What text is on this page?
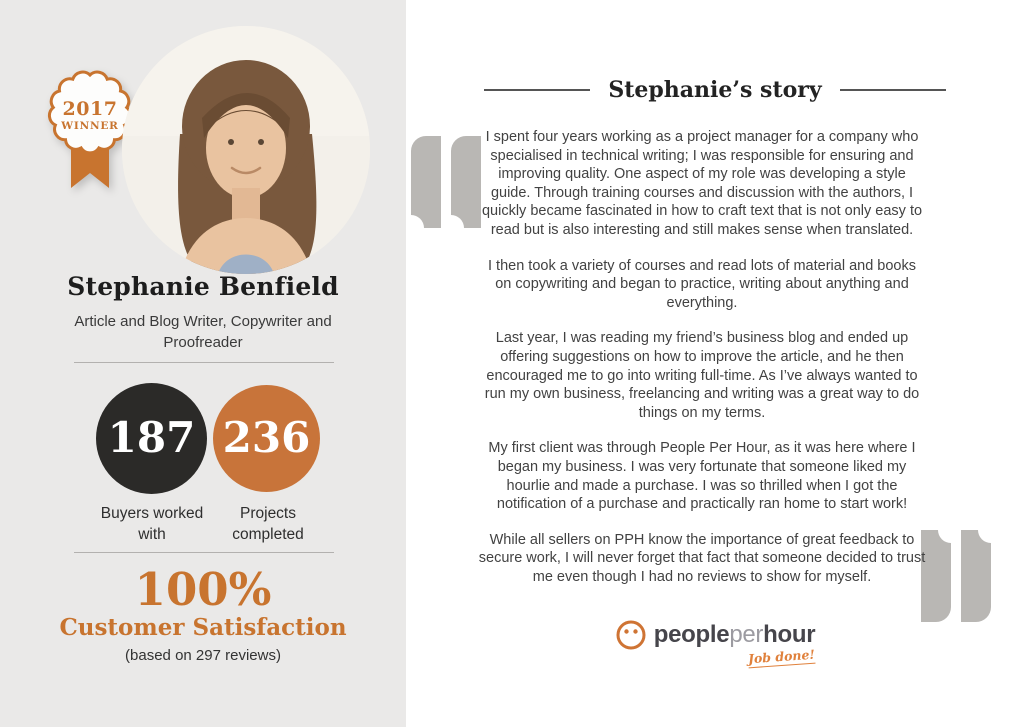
2017
WINNER
Stephanie Benfield
Article and Blog Writer, Copywriter and Proofreader
187 236
Buyers worked with
Projects completed
100%
Customer Satisfaction
(based on 297 reviews)
Stephanie’s story

I spent four years working as a project manager for a company who specialised in technical writing; I was responsible for ensuring and improving quality. One aspect of my role was developing a style guide. Through training courses and discussion with the authors, I quickly became fascinated in how to craft text that is not only easy to read but is also interesting and still makes sense when translated.

I then took a variety of courses and read lots of material and books on copywriting and began to practice, writing about anything and everything.

Last year, I was reading my friend’s business blog and ended up offering suggestions on how to improve the article, and he then encouraged me to go into writing full-time. As I’ve always wanted to run my own business, freelancing and writing was a great way to do things on my terms.

My first client was through People Per Hour, as it was here where I began my business. I was very fortunate that someone liked my hourlie and made a purchase. I was so thrilled when I got the notification of a purchase and practically ran home to start work!

While all sellers on PPH know the importance of great feedback to secure work, I will never forget that fact that someone decided to trust me even though I had no reviews to show for myself.

peopleperhour
Job done!
